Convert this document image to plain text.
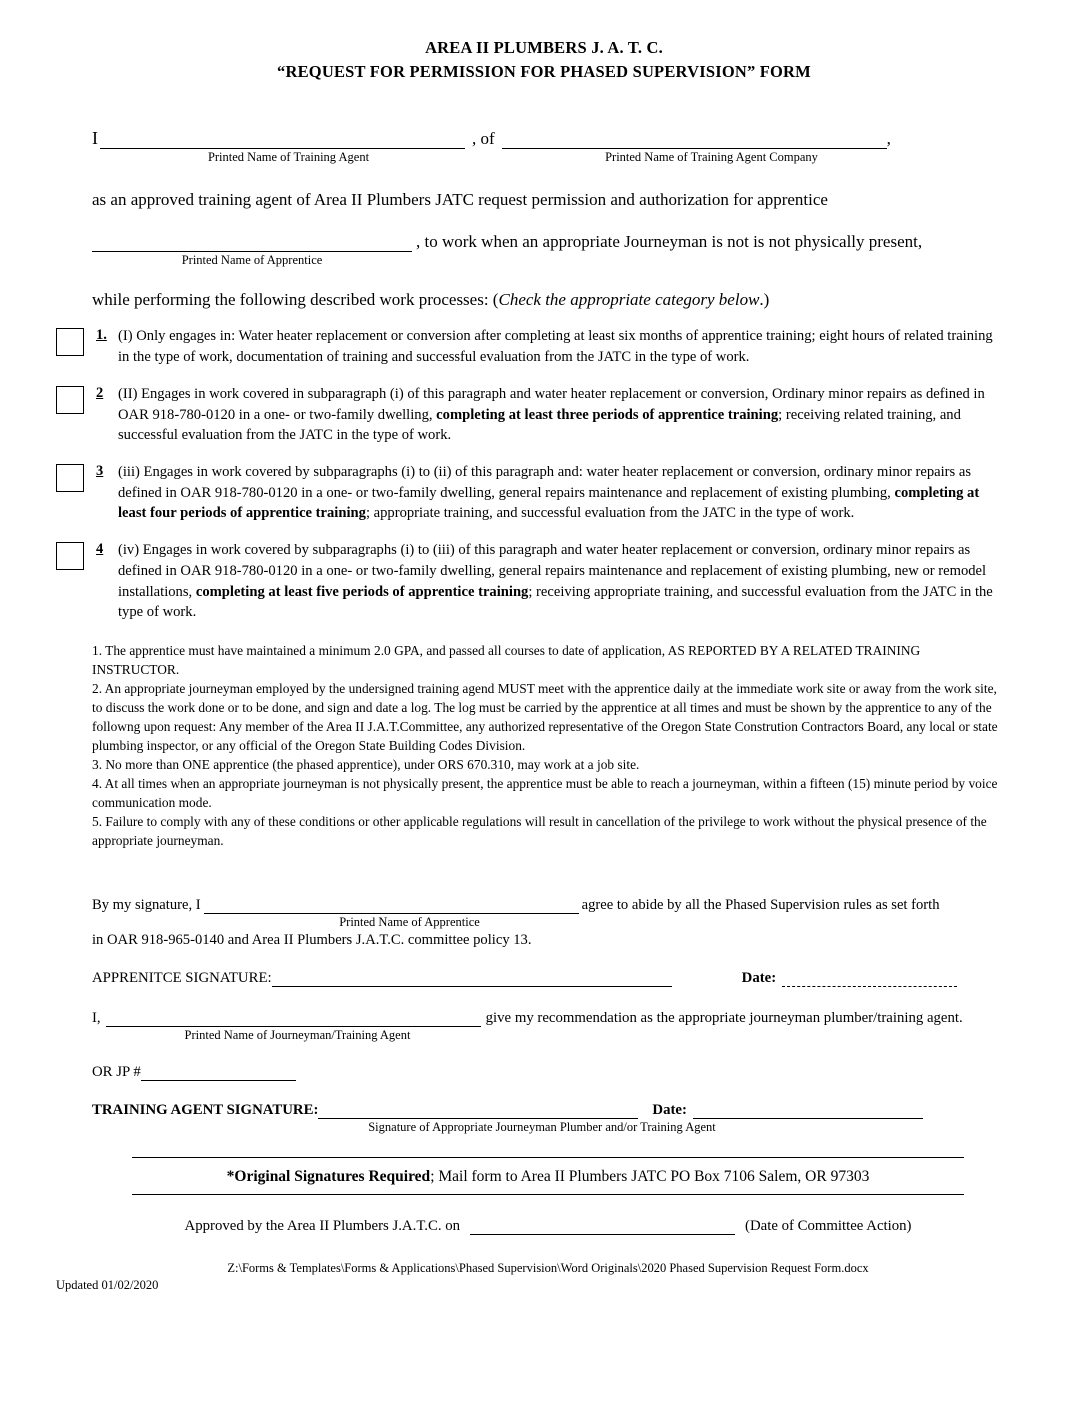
AREA II PLUMBERS J. A. T. C.
“REQUEST FOR PERMISSION FOR PHASED SUPERVISION” FORM
I	, of	,
Printed Name of Training Agent	Printed Name of Training Agent Company
as an approved training agent of Area II Plumbers JATC request permission and authorization for apprentice
, to work when an appropriate Journeyman is not is not physically present,
Printed Name of Apprentice
while performing the following described work processes: (Check the appropriate category below.)
1. (I) Only engages in: Water heater replacement or conversion after completing at least six months of apprentice training; eight hours of related training in the type of work, documentation of training and successful evaluation from the JATC in the type of work.
2	(II) Engages in work covered in subparagraph (i) of this paragraph and water heater replacement or conversion, Ordinary minor repairs as defined in OAR 918-780-0120 in a one- or two-family dwelling, completing at least three periods of apprentice training; receiving related training, and successful evaluation from the JATC in the type of work.
3	(iii) Engages in work covered by subparagraphs (i) to (ii) of this paragraph and: water heater replacement or conversion, ordinary minor repairs as defined in OAR 918-780-0120 in a one- or two-family dwelling, general repairs maintenance and replacement of existing plumbing, completing at least four periods of apprentice training; appropriate training, and successful evaluation from the JATC in the type of work.
4	(iv) Engages in work covered by subparagraphs (i) to (iii) of this paragraph and water heater replacement or conversion, ordinary minor repairs as defined in OAR 918-780-0120 in a one- or two-family dwelling, general repairs maintenance and replacement of existing plumbing, new or remodel installations, completing at least five periods of apprentice training; receiving appropriate training, and successful evaluation from the JATC in the type of work.

1. The apprentice must have maintained a minimum 2.0 GPA, and passed all courses to date of application, AS REPORTED BY A RELATED TRAINING INSTRUCTOR.

2. An appropriate journeyman employed by the undersigned training agend MUST meet with the apprentice daily at the immediate work site or away from the work site, to discuss the work done or to be done, and sign and date a log. The log must be carried by the apprentice at all times and must be shown by the apprentice to any of the followng upon request: Any member of the Area II J.A.T.Committee, any authorized representative of the Oregon State Constrution Contractors Board, any local or state plumbing inspector, or any official of the Oregon State Building Codes Division.

3. No more than ONE apprentice (the phased apprentice), under ORS 670.310, may work at a job site.

4. At all times when an appropriate journeyman is not physically present, the apprentice must be able to reach a journeyman, within a fifteen (15) minute period by voice communication mode.

5. Failure to comply with any of these conditions or other applicable regulations will result in cancellation of the privilege to work without the physical presence of the appropriate journeyman.

By my signature, I	agree to abide by all the Phased Supervision rules as set forth
Printed Name of Apprentice
in OAR 918-965-0140 and Area II Plumbers J.A.T.C. committee policy 13.
APPRENITCE SIGNATURE:	Date:
I,	give my recommendation as the appropriate journeyman plumber/training agent.
Printed Name of Journeyman/Training Agent
OR JP #
TRAINING AGENT SIGNATURE:	Date:
Signature of Appropriate Journeyman Plumber and/or Training Agent
*Original Signatures Required; Mail form to Area II Plumbers JATC PO Box 7106 Salem, OR 97303
Approved by the Area II Plumbers J.A.T.C. on	(Date of Committee Action)
Z:\Forms & Templates\Forms & Applications\Phased Supervision\Word Originals\2020 Phased Supervision Request Form.docx
Updated 01/02/2020
